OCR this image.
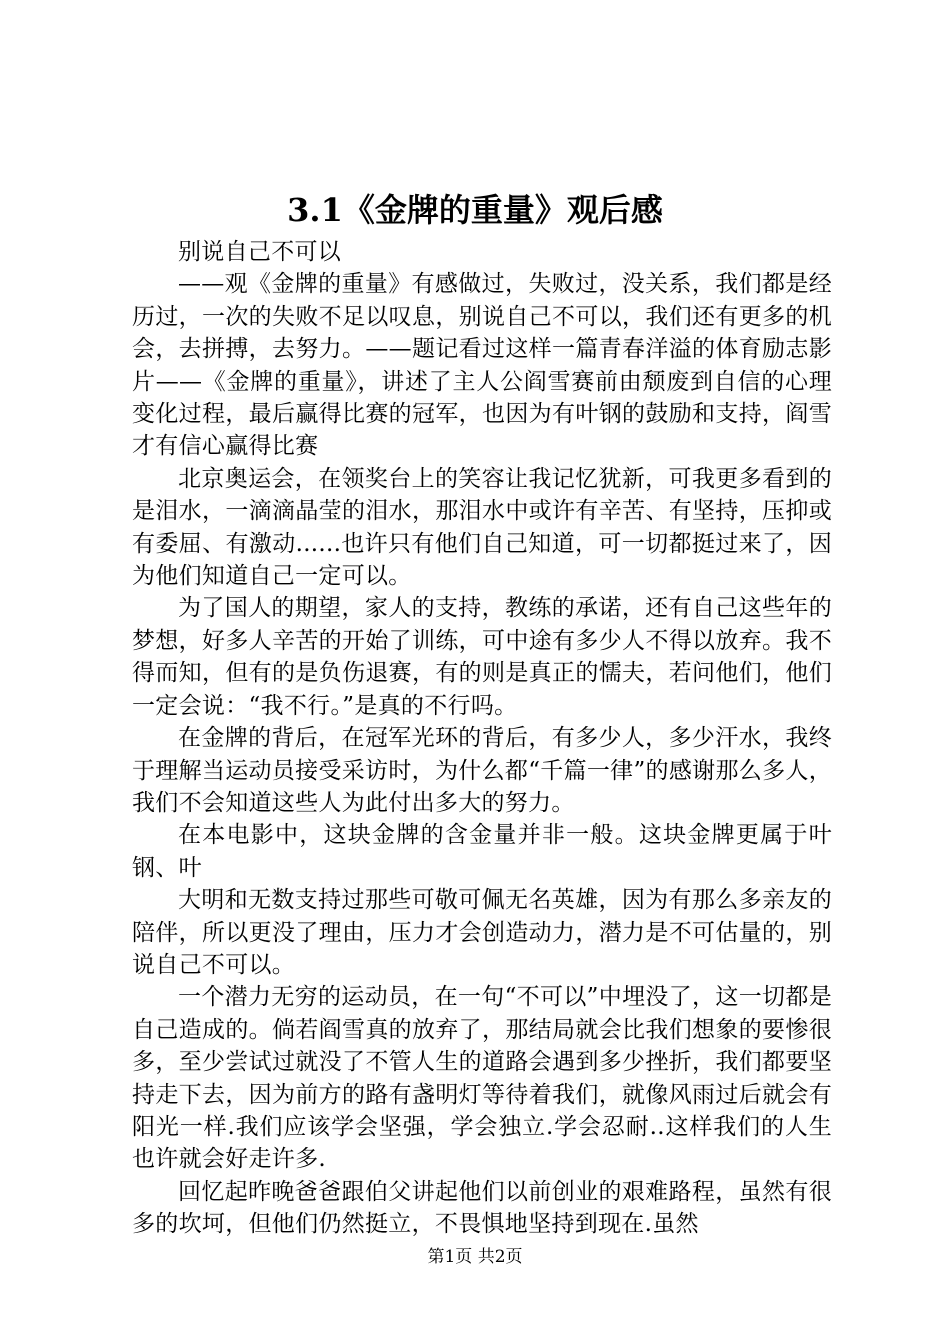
3.1《金牌的重量》观后感

别说自己不可以

——观《金牌的重量》有感做过，失败过，没关系，我们都是经历过，一次的失败不足以叹息，别说自己不可以，我们还有更多的机会，去拼搏，去努力。——题记看过这样一篇青春洋溢的体育励志影片——《金牌的重量》，讲述了主人公阎雪赛前由颓废到自信的心理变化过程，最后赢得比赛的冠军，也因为有叶钢的鼓励和支持，阎雪才有信心赢得比赛

北京奥运会，在领奖台上的笑容让我记忆犹新，可我更多看到的是泪水，一滴滴晶莹的泪水，那泪水中或许有辛苦、有坚持，压抑或有委屈、有激动......也许只有他们自己知道，可一切都挺过来了，因为他们知道自己一定可以。

为了国人的期望，家人的支持，教练的承诺，还有自己这些年的梦想，好多人辛苦的开始了训练，可中途有多少人不得以放弃。我不得而知，但有的是负伤退赛，有的则是真正的懦夫，若问他们，他们一定会说：“我不行。”是真的不行吗。

在金牌的背后，在冠军光环的背后，有多少人，多少汗水，我终于理解当运动员接受采访时，为什么都“千篇一律”的感谢那么多人，我们不会知道这些人为此付出多大的努力。

在本电影中，这块金牌的含金量并非一般。这块金牌更属于叶钢、叶

大明和无数支持过那些可敬可佩无名英雄，因为有那么多亲友的陪伴，所以更没了理由，压力才会创造动力，潜力是不可估量的，别说自己不可以。

一个潜力无穷的运动员，在一句“不可以”中埋没了，这一切都是自己造成的。倘若阎雪真的放弃了，那结局就会比我们想象的要惨很多，至少尝试过就没了不管人生的道路会遇到多少挫折，我们都要坚持走下去，因为前方的路有盏明灯等待着我们，就像风雨过后就会有阳光一样.我们应该学会坚强，学会独立.学会忍耐..这样我们的人生也许就会好走许多.

回忆起昨晚爸爸跟伯父讲起他们以前创业的艰难路程，虽然有很多的坎坷，但他们仍然挺立，不畏惧地坚持到现在.虽然

第1页 共2页
